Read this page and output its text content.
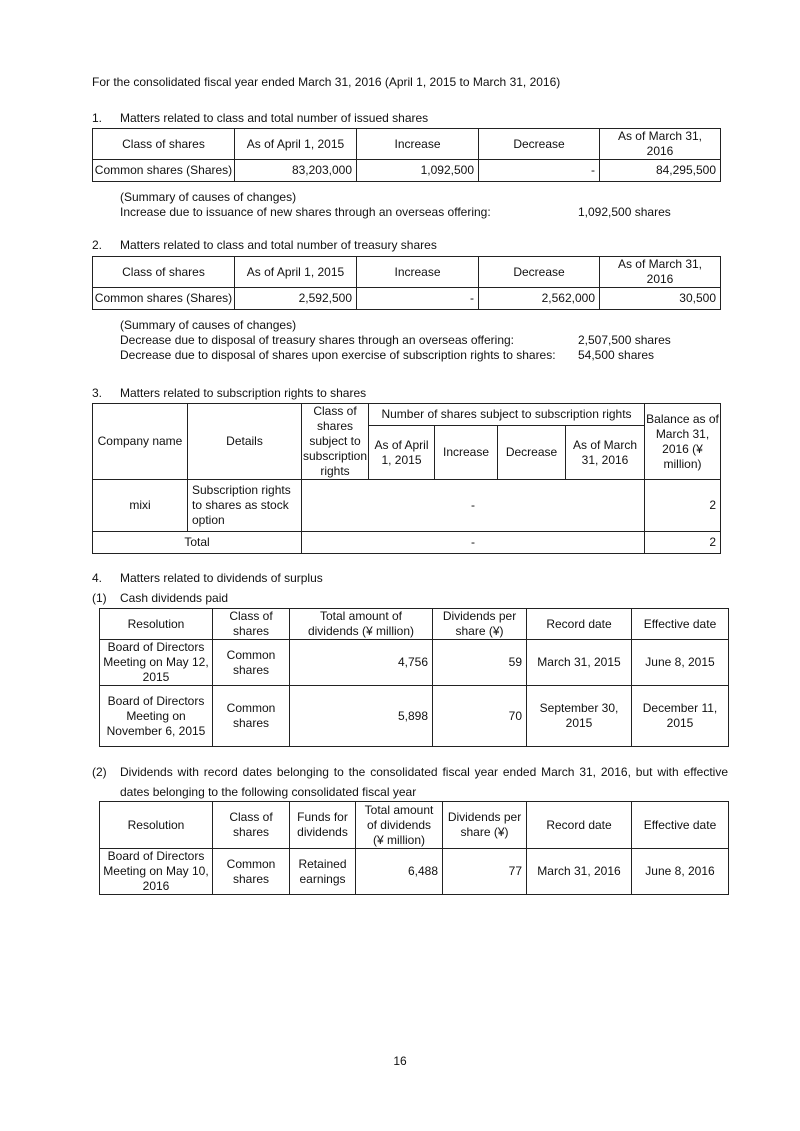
For the consolidated fiscal year ended March 31, 2016 (April 1, 2015 to March 31, 2016)
1. Matters related to class and total number of issued shares
Class of shares	As of April 1, 2015	Increase	Decrease	As of March 31, 2016
Common shares (Shares)	83,203,000	1,092,500	-	84,295,500
(Summary of causes of changes)
Increase due to issuance of new shares through an overseas offering:	1,092,500 shares
2. Matters related to class and total number of treasury shares
Class of shares	As of April 1, 2015	Increase	Decrease	As of March 31, 2016
Common shares (Shares)	2,592,500	-	2,562,000	30,500
(Summary of causes of changes)
Decrease due to disposal of treasury shares through an overseas offering:	2,507,500 shares
Decrease due to disposal of shares upon exercise of subscription rights to shares: 54,500 shares
3. Matters related to subscription rights to shares
Company name	Details	Class of shares subject to subscription rights	Number of shares subject to subscription rights				Balance as of March 31, 2016 (¥ million)
			As of April 1, 2015	Increase	Decrease	As of March 31, 2016	
mixi	Subscription rights to shares as stock option	-					2
Total		-					2
4. Matters related to dividends of surplus
(1) Cash dividends paid
Resolution	Class of shares	Total amount of dividends (¥ million)	Dividends per share (¥)	Record date	Effective date
Board of Directors Meeting on May 12, 2015	Common shares	4,756	59	March 31, 2015	June 8, 2015
Board of Directors Meeting on November 6, 2015	Common shares	5,898	70	September 30, 2015	December 11, 2015
(2) Dividends with record dates belonging to the consolidated fiscal year ended March 31, 2016, but with effective
dates belonging to the following consolidated fiscal year
Resolution	Class of shares	Funds for dividends	Total amount of dividends (¥ million)	Dividends per share (¥)	Record date	Effective date
Board of Directors Meeting on May 10, 2016	Common shares	Retained earnings	6,488	77	March 31, 2016	June 8, 2016
16
